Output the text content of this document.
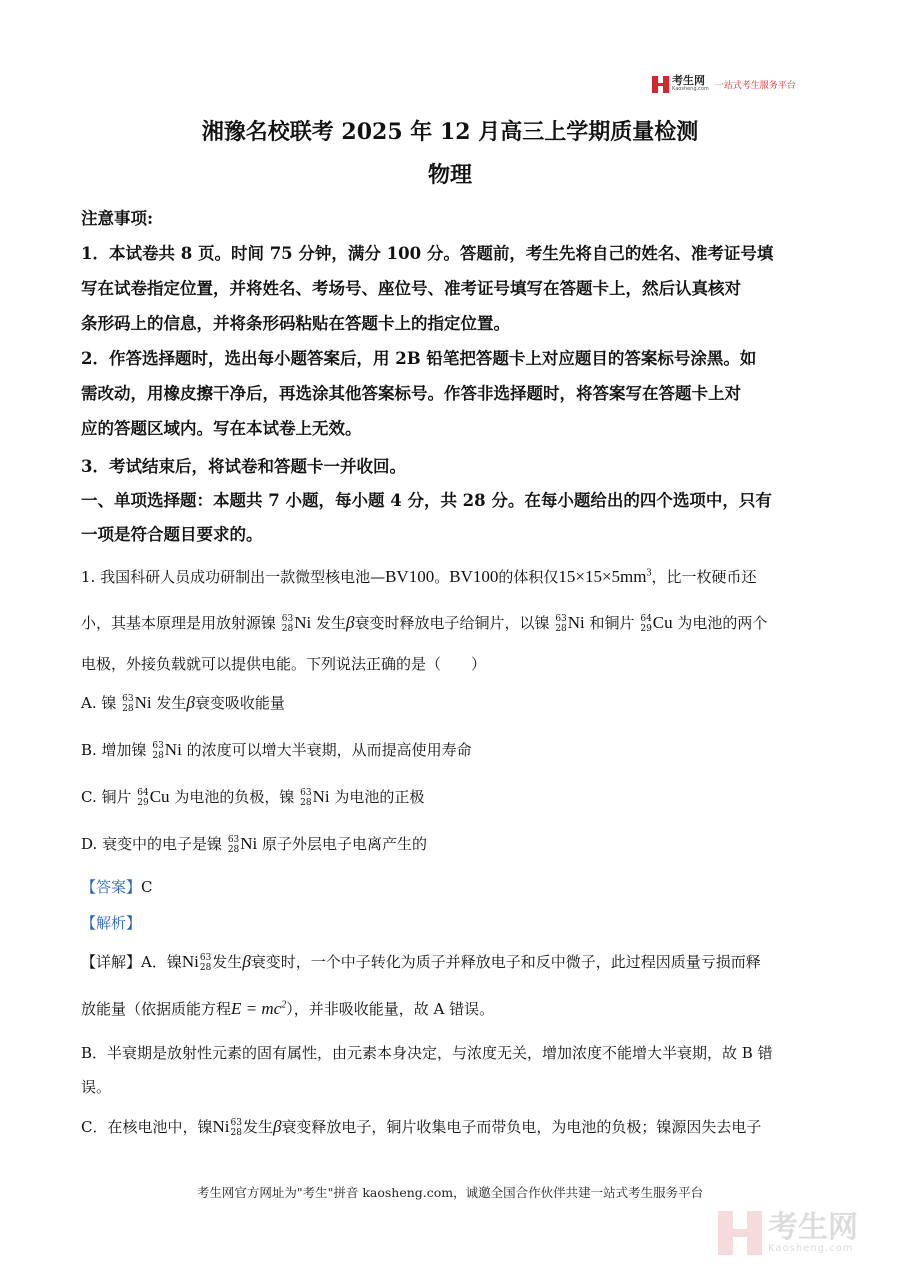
考生网
Kaosheng.com 一站式考生服务平台
湘豫名校联考 2025 年 12 月高三上学期质量检测
物理
注意事项:
1．本试卷共 8 页。时间 75 分钟，满分 100 分。答题前，考生先将自己的姓名、准考证号填
写在试卷指定位置，并将姓名、考场号、座位号、准考证号填写在答题卡上，然后认真核对
条形码上的信息，并将条形码粘贴在答题卡上的指定位置。
2．作答选择题时，选出每小题答案后，用 2B 铅笔把答题卡上对应题目的答案标号涂黑。如
需改动，用橡皮擦干净后，再选涂其他答案标号。作答非选择题时，将答案写在答题卡上对
应的答题区域内。写在本试卷上无效。
3．考试结束后，将试卷和答题卡一并收回。
一、单项选择题：本题共 7 小题，每小题 4 分，共 28 分。在每小题给出的四个选项中，只有
一项是符合题目要求的。
1. 我国科研人员成功研制出一款微型核电池—BV100。BV100的体积仅$15\times 15\times 5mm^3$，比一枚硬币还
小，其基本原理是用放射源镍 63
28 Ni 发生β衰变时释放电子给铜片，以镍 63
28 Ni 和铜片 64
29 Cu 为电池的两个
电极，外接负载就可以提供电能。下列说法正确的是（　　）
A. 镍 63
28 Ni 发生β衰变吸收能量
B. 增加镍 63
28 Ni 的浓度可以增大半衰期，从而提高使用寿命
C. 铜片 64
29 Cu 为电池的负极，镍 63
28 Ni 为电池的正极
D. 衰变中的电子是镍 63
28 Ni 原子外层电子电离产生的
【答案】C
【解析】
【详解】A．镍Ni 63
28 发生β衰变时，一个中子转化为质子并释放电子和反中微子，此过程因质量亏损而释
放能量（依据质能方程$E = mc^2$），并非吸收能量，故 A 错误。
B．半衰期是放射性元素的固有属性，由元素本身决定，与浓度无关，增加浓度不能增大半衰期，故 B 错
误。
C．在核电池中，镍Ni 63
28 发生β衰变释放电子，铜片收集电子而带负电，为电池的负极；镍源因失去电子
考生网官方网址为"考生"拼音 kaosheng.com，诚邀全国合作伙伴共建一站式考生服务平台
考生网
Kaosheng.com
